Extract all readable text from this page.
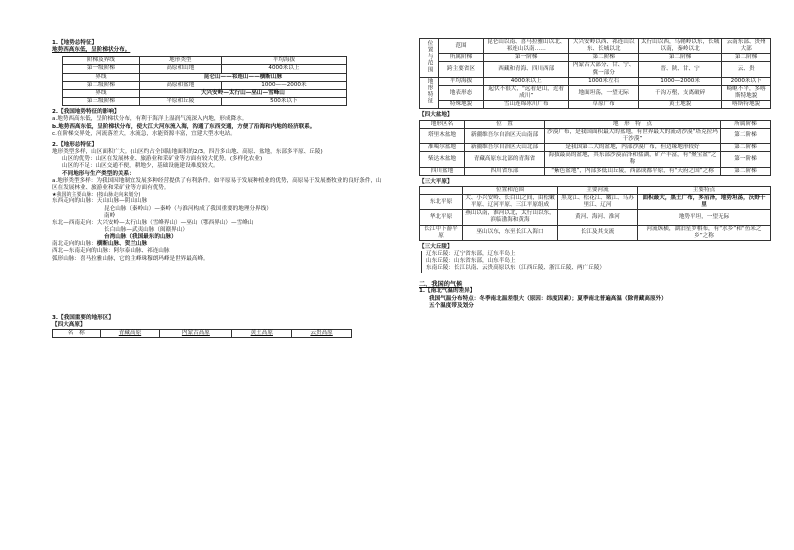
1.【地势总特征】
地势西高东低，呈阶梯状分布。
阶梯及界线	地形类型	平均海拔
第一级阶梯	高原和山地	4000米以上
界线	昆仑山——祁连山——横断山脉	
第二级阶梯	高原和盆地	1000——2000米
界线	大兴安岭—太行山—巫山—雪峰山	
第三级阶梯	平原和丘陵	500米以下
2.【我国地势特征的影响】
a.地势西高东低，呈阶梯状分布，有利于海洋上湿润气流深入内地，形成降水。
b.地势西高东低，呈阶梯状分布，使大江大河东流入海，沟通了东西交通，方便了沿海和内地的经济联系。
c.在阶梯交界处，河流落差大，水流急，水能资源丰富，宜建大型水电站。
2.【地形总特征】
地形类型多样，山区面积广大。(山区约占全国陆地面积的2/3。四吾多山地、高原、盆地，东部多平原、丘陵)
山区的优势：山区在发展林业、旅游业和采矿业等方面有较大优势。(多样化农业)
山区的不足：山区交通不便，耕地少，基础设施建设难度较大。
不同地形与生产类型的关系：
a.地形类型多样：为我国因地制宜发展多种经营提供了有利条件。如平原易于发展种植业的优势，高原易于发展畜牧业的良好条件，山区在发展林业、旅游业和采矿业等方面有优势。
★我国的主要山脉：(按山脉走向来划分)
东西走向的山脉：天山山脉—阴山山脉
昆仑山脉（秦岭山）—秦岭（与淮河构成了我国重要的地理分界线）
南岭
东北—西南走向：大兴安岭—太行山脉（雪峰界山）—巫山（鄂西界山）—雪峰山
长白山脉—武夷山脉（闽赣界山）
台湾山脉（我国最东的山脉）
南北走向的山脉：横断山脉、贺兰山脉
西北—东南走向的山脉：阿尔泰山脉、祁连山脉
弧形山脉：喜马拉雅山脉，它的主峰珠穆朗玛峰是世界最高峰。
3.【我国重要的地形区】
【四大高原】
名　称	青藏高原	内蒙古高原	黄土高原	云贵高原
位置与范围	范围	昆仑山以南、喜马拉雅山以北、祁连山以南……	大兴安岭以西、祁连山以东、长城以北	太行山以西，乌鞘岭以东，长城以南，秦岭以北	云南东部、贵州大部
	所属阶梯	第一阶梯	第二阶梯	第二阶梯	第二阶梯
	跨主要省区	西藏和青海、四川西部	内蒙古大部分、甘、宁、冀一部分	晋、陕、甘、宁	云、贵
地形特征	平均海拔	4000米以上	1000米左右	1000—2000米	2000米以下
	地表形态	起伏不很大，“远看是山，近看成川”	地面坦荡，一望无际	千沟万壑，支离破碎	崎岖不平，多喀斯特地貌
	特殊地貌	雪山连绵冰川广布	草原广布	黄土地貌	喀斯特地貌
【四大盆地】
地形区名	位　置	地　形　特　点	所属阶梯
塔里木盆地	新疆维吾尔自治区天山南部	沙漠广布，是我国面积最大的盆地，有世界最大的流动沙漠“塔克拉玛干沙漠”	第二阶梯
准噶尔盆地	新疆维吾尔自治区天山北部	是我国第二大的盆地，内部沙漠广布，但边缘地形较好	第二阶梯
柴达木盆地	青藏高原东北部的青海省	海拔最高的盆地，其东部沙漠沼泽和盐湖，矿产丰富，有“聚宝盆”之称	第一阶梯
四川盆地	四川省东部	“紫色盆地”，内部多低山丘陵，西部成都平原，有“天府之国”之称	第二阶梯
【三大平原】
	位置和范围	主要河流	主要特点
东北平原	大、小兴安岭、长白山之间，由松嫩平原、辽河平原、三江平原组成	黑龙江、松花江、嫩江、乌苏里江、辽河	面积最大，黑土广布，多沼泽，地势坦荡，沃野千里
华北平原	燕山以南，淮河以北，太行山以东，滨临渤海和黄海	黄河、海河、淮河	地势平坦，一望无际
长江中下游平原	巫山以东，东至长江入海口	长江及其支流	河流纵横，湖泊星罗棋布，有“水乡”和“鱼米之乡”之称
【三大丘陵】
辽东丘陵：辽宁省东部，辽东半岛上
山东丘陵：山东省东部，山东半岛上
东南丘陵：长江以南、云贵高原以东（江西丘陵、浙江丘陵、两广丘陵）
二、我国的气候
1.【南北气温的差异】
我国气温分布特点：冬季南北温差很大（原因：纬度因素）；夏季南北普遍高温（除青藏高原外）
五个温度带及划分
